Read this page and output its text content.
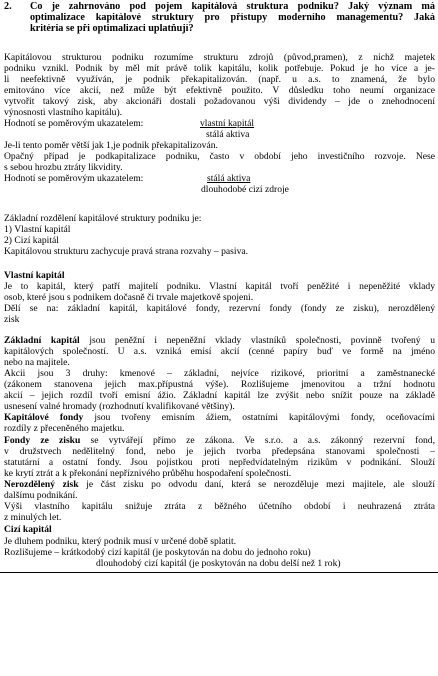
2. Co je zahrnováno pod pojem kapitálová struktura podniku? Jaký význam má
optimalizace kapitálové struktury pro přístupy moderního managementu? Jaká
kritéria se při optimalizaci uplatňují?
Kapitálovou strukturou podniku rozumíme strukturu zdrojů (původ,pramen), z nichž majetek
podniku vznikl. Podnik by měl mít právě tolik kapitálu, kolik potřebuje. Pokud je ho více a je-
li neefektivně využíván, je podnik překapitalizován. (např. u a.s. to znamená, že bylo
emitováno více akcií, než může být efektivně použito. V důsledku toho neumí organizace
vytvořit takový zisk, aby akcionáři dostali požadovanou výši dividendy – jde o znehodnocení
výnosnosti vlastního kapitálu).
Hodnotí se poměrovým ukazatelem:	vlastní kapitál
stálá aktiva
Je-li tento poměr větší jak 1,je podnik překapitalizován.
Opačný případ je podkapitalizace podniku, často v období jeho investičního rozvoje. Nese
s sebou hrozbu ztráty likvidity.
Hodnotí se poměrovým ukazatelem:	stálá aktiva
dlouhodobé cizí zdroje
Základní rozdělení kapitálové struktury podniku je:
1) Vlastní kapitál
2) Cizí kapitál
Kapitálovou strukturu zachycuje pravá strana rozvahy – pasiva.
Vlastní kapitál
Je to kapitál, který patří majitelí podniku. Vlastní kapitál tvoří peněžité i nepeněžité vklady
osob, které jsou s podnikem dočasně či trvale majetkově spojeni.
Dělí se na: základní kapitál, kapitálové fondy, rezervní fondy (fondy ze zisku), nerozdělený
zisk
Základní kapitál jsou peněžní i nepeněžní vklady vlastníků společnosti, povinně tvořený u
kapitálových společností. U a.s. vzniká emisí akcií (cenné papíry buď ve formě na jméno
nebo na majitele.
Akcii jsou 3 druhy: kmenové – základní, nejvíce rizikové, prioritní a zaměstnanecké
(zákonem stanovena jejich max.přípustná výše). Rozlišujeme jmenovitou a tržní hodnotu
akcií – jejich rozdíl tvoří emisní ážio. Základní kapitál lze zvýšit nebo snížit pouze na základě
usnesení valné hromady (rozhodnutí kvalifikované většiny).
Kapitálové fondy jsou tvořeny emisním ážiem, ostatními kapitálovými fondy, oceňovacími
rozdíly z přeceněného majetku.
Fondy ze zisku se vytvářejí přímo ze zákona. Ve s.r.o. a a.s. zákonný rezervní fond,
v družstvech nedělitelný fond, nebo je jejich tvorba předepsána stanovami společnosti –
statutární a ostatní fondy. Jsou pojistkou proti nepředvídatelným rizikům v podnikání. Slouží
ke krytí ztrát a k překonání nepříznivého průběhu hospodaření společnosti.
Nerozdělený zisk je část zisku po odvodu daní, která se nerozděluje mezi majitele, ale slouží
dalšímu podnikání.
Výši vlastního kapitálu snižuje ztráta z běžného účetního období i neuhrazená ztráta
z minulých let.
Cizí kapitál
Je dluhem podniku, který podnik musí v určené době splatit.
Rozlišujeme – krátkodobý cizí kapitál (je poskytován na dobu do jednoho roku)
dlouhodobý cizí kapitál (je poskytován na dobu delší než 1 rok)
